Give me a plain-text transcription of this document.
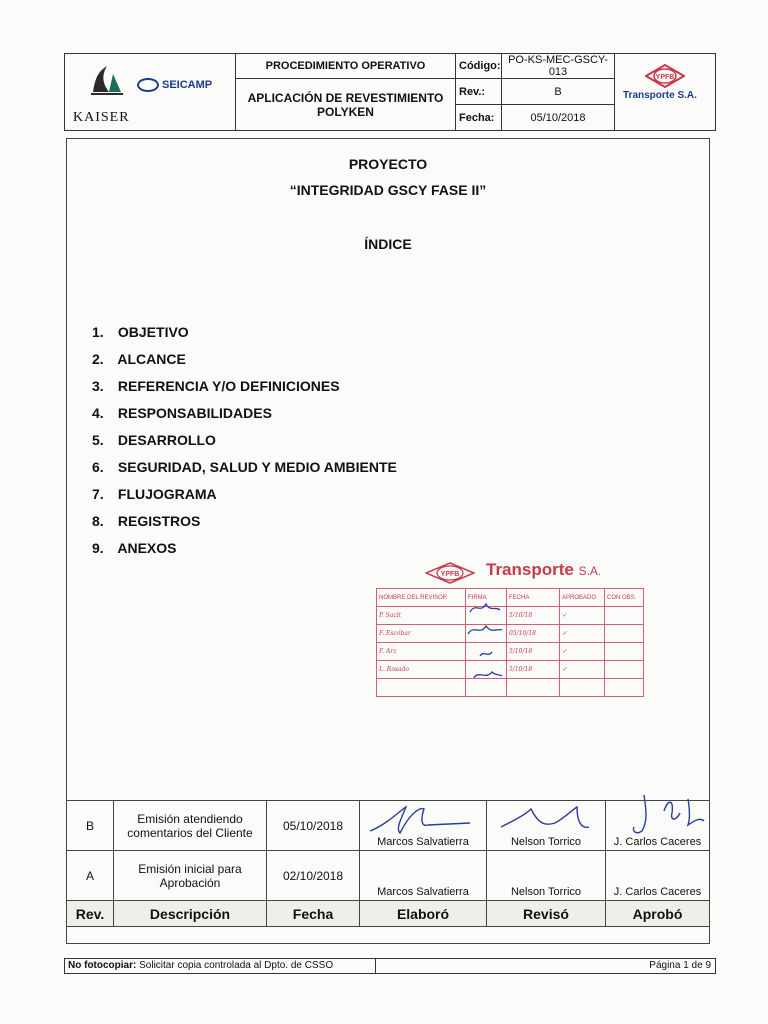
SEICAMP
KAISER	PROCEDIMIENTO OPERATIVO	Código:	PO-KS-MEC-GSCY-013	YPFB
Transporte S.A.

	APLICACIÓN DE REVESTIMIENTO POLYKEN	Rev.:	B	
		Fecha:	05/10/2018	
PROYECTO
“INTEGRIDAD GSCY FASE II”
ÍNDICE
1. OBJETIVO
2. ALCANCE
3. REFERENCIA Y/O DEFINICIONES
4. RESPONSABILIDADES
5. DESARROLLO
6. SEGURIDAD, SALUD Y MEDIO AMBIENTE
7. FLUJOGRAMA
8. REGISTROS
9. ANEXOS
YPFB Transporte S.A.
NOMBRE DEL REVISOR	FIRMA	FECHA	APROBADO	CON OBS.
P. Sacit		5/10/18	✓	
F. Escóbar		05/10/18	✓	
F. Arz		5/10/18	✓	
L. Rosado		5/10/18	✓	

B	Emisión atendiendo comentarios del Cliente	05/10/2018	Marcos Salvatierra	Nelson Torrico	J. Carlos Caceres
A	Emisión inicial para Aprobación	02/10/2018	Marcos Salvatierra	Nelson Torrico	J. Carlos Caceres
Rev.	Descripción	Fecha	Elaboró	Revisó	Aprobó
No fotocopiar: Solicitar copia controlada al Dpto. de CSSO	Página 1 de 9
